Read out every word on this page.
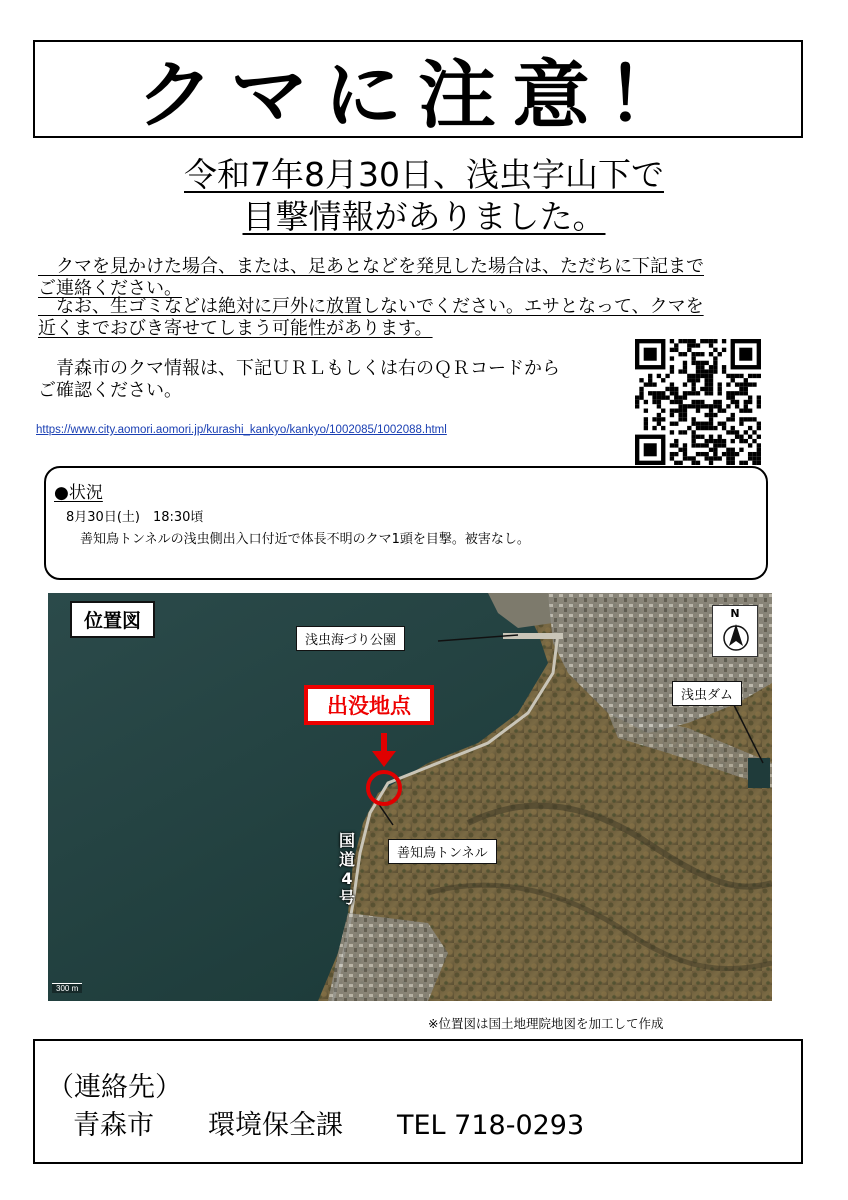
クマに注意！
令和7年8月30日、浅虫字山下で
目撃情報がありました。
　クマを見かけた場合、または、足あとなどを発見した場合は、ただちに下記まで
ご連絡ください。
　なお、生ゴミなどは絶対に戸外に放置しないでください。エサとなって、クマを
近くまでおびき寄せてしまう可能性があります。
　青森市のクマ情報は、下記ＵＲＬもしくは右のＱＲコードから
ご確認ください。
https://www.city.aomori.aomori.jp/kurashi_kankyo/kankyo/1002085/1002088.html
●状況
8月30日(土)　18:30頃
善知鳥トンネルの浅虫側出入口付近で体長不明のクマ1頭を目撃。被害なし。
位置図
出没地点
浅虫海づり公園
浅虫ダム
善知鳥トンネル
国道4号
N
300 m
※位置図は国土地理院地図を加工して作成
（連絡先）
青森市　　環境保全課　　TEL 718-0293
